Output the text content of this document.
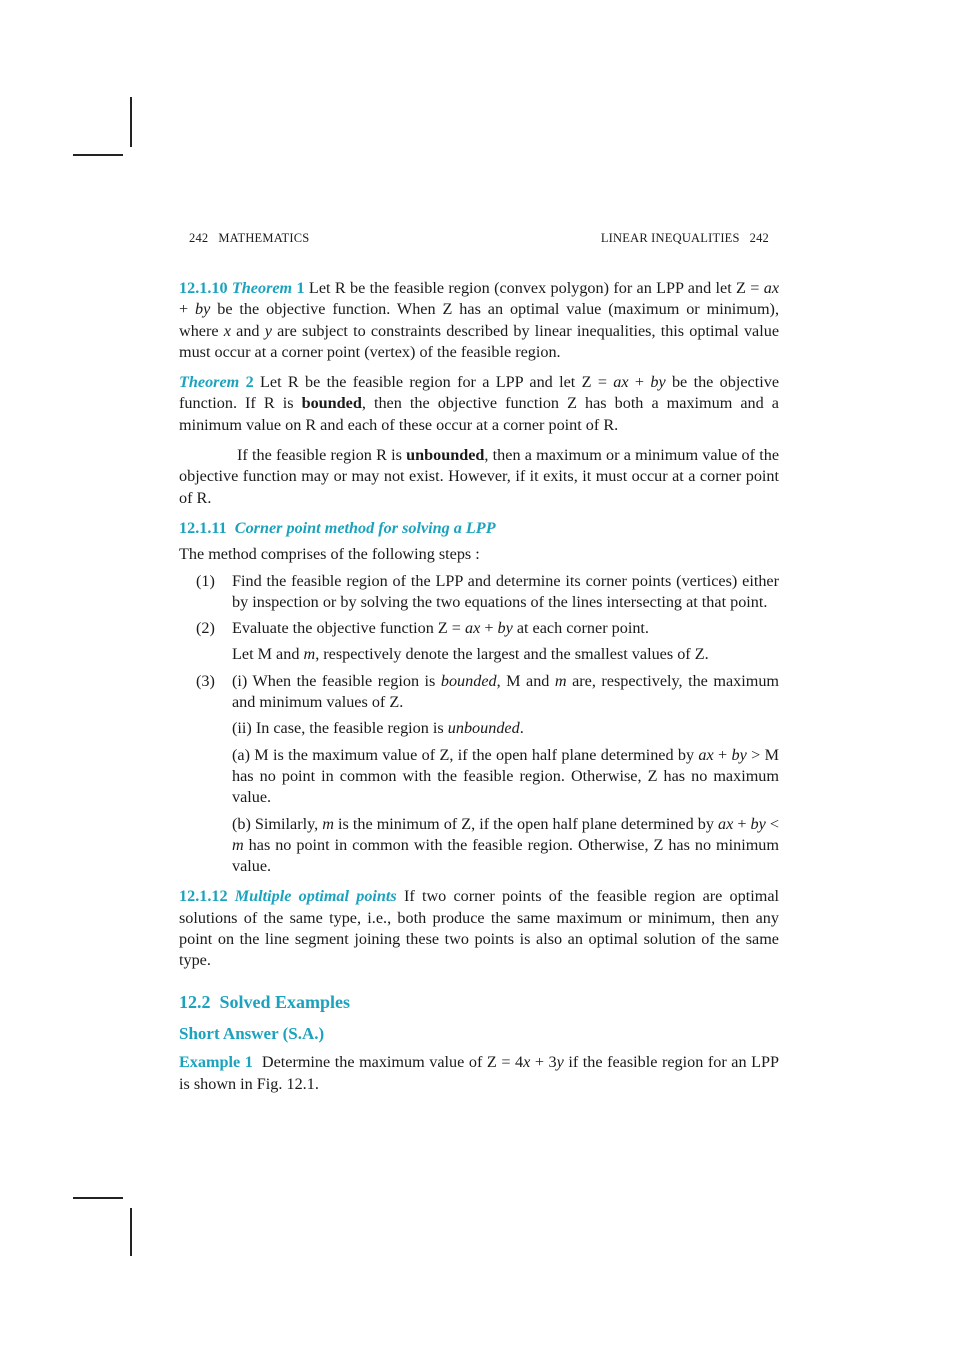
242   MATHEMATICS	LINEAR INEQUALITIES   242

12.1.10 Theorem 1 Let R be the feasible region (convex polygon) for an LPP and let Z = ax + by be the objective function. When Z has an optimal value (maximum or minimum), where x and y are subject to constraints described by linear inequalities, this optimal value must occur at a corner point (vertex) of the feasible region.

Theorem 2 Let R be the feasible region for a LPP and let Z = ax + by be the objective function. If R is bounded, then the objective function Z has both a maximum and a minimum value on R and each of these occur at a corner point of R.

If the feasible region R is unbounded, then a maximum or a minimum value of the objective function may or may not exist. However, if it exits, it must occur at a corner point of R.

12.1.11 Corner point method for solving a LPP

The method comprises of the following steps :

(1)	Find the feasible region of the LPP and determine its corner points (vertices) either by inspection or by solving the two equations of the lines intersecting at that point.
(2)	Evaluate the objective function Z = ax + by at each corner point.
Let M and m, respectively denote the largest and the smallest values of Z.
(3)	(i) When the feasible region is bounded, M and m are, respectively, the maximum and minimum values of Z.
(ii) In case, the feasible region is unbounded.
(a) M is the maximum value of Z, if the open half plane determined by ax + by > M has no point in common with the feasible region. Otherwise, Z has no maximum value.
(b) Similarly, m is the minimum of Z, if the open half plane determined by ax + by < m has no point in common with the feasible region. Otherwise, Z has no minimum value.

12.1.12 Multiple optimal points If two corner points of the feasible region are optimal solutions of the same type, i.e., both produce the same maximum or minimum, then any point on the line segment joining these two points is also an optimal solution of the same type.

12.2  Solved Examples
Short Answer (S.A.)

Example 1  Determine the maximum value of Z = 4x + 3y if the feasible region for an LPP is shown in Fig. 12.1.
